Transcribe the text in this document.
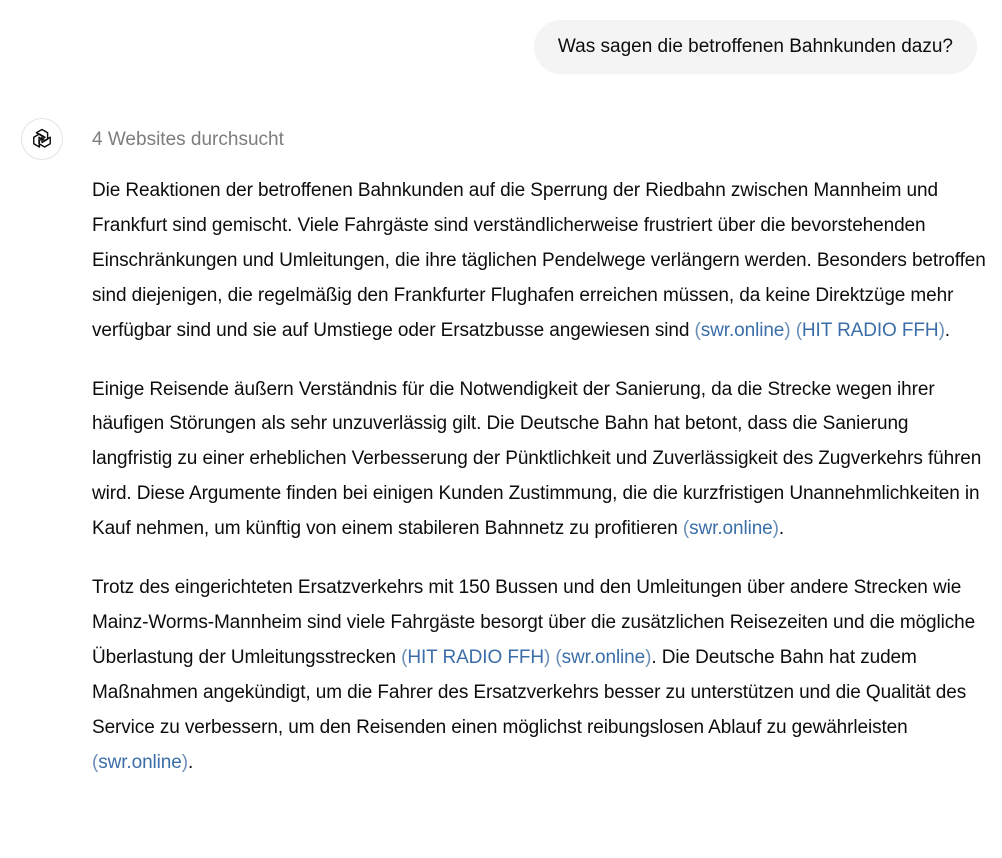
Was sagen die betroffenen Bahnkunden dazu?
4 Websites durchsucht

Die Reaktionen der betroffenen Bahnkunden auf die Sperrung der Riedbahn zwischen Mannheim und Frankfurt sind gemischt. Viele Fahrgäste sind verständlicherweise frustriert über die bevorstehenden Einschränkungen und Umleitungen, die ihre täglichen Pendelwege verlängern werden. Besonders betroffen sind diejenigen, die regelmäßig den Frankfurter Flughafen erreichen müssen, da keine Direktzüge mehr verfügbar sind und sie auf Umstiege oder Ersatzbusse angewiesen sind (swr.online) (HIT RADIO FFH).

Einige Reisende äußern Verständnis für die Notwendigkeit der Sanierung, da die Strecke wegen ihrer häufigen Störungen als sehr unzuverlässig gilt. Die Deutsche Bahn hat betont, dass die Sanierung langfristig zu einer erheblichen Verbesserung der Pünktlichkeit und Zuverlässigkeit des Zugverkehrs führen wird. Diese Argumente finden bei einigen Kunden Zustimmung, die die kurzfristigen Unannehmlichkeiten in Kauf nehmen, um künftig von einem stabileren Bahnnetz zu profitieren (swr.online).

Trotz des eingerichteten Ersatzverkehrs mit 150 Bussen und den Umleitungen über andere Strecken wie Mainz-Worms-Mannheim sind viele Fahrgäste besorgt über die zusätzlichen Reisezeiten und die mögliche Überlastung der Umleitungsstrecken (HIT RADIO FFH) (swr.online). Die Deutsche Bahn hat zudem Maßnahmen angekündigt, um die Fahrer des Ersatzverkehrs besser zu unterstützen und die Qualität des Service zu verbessern, um den Reisenden einen möglichst reibungslosen Ablauf zu gewährleisten (swr.online).
